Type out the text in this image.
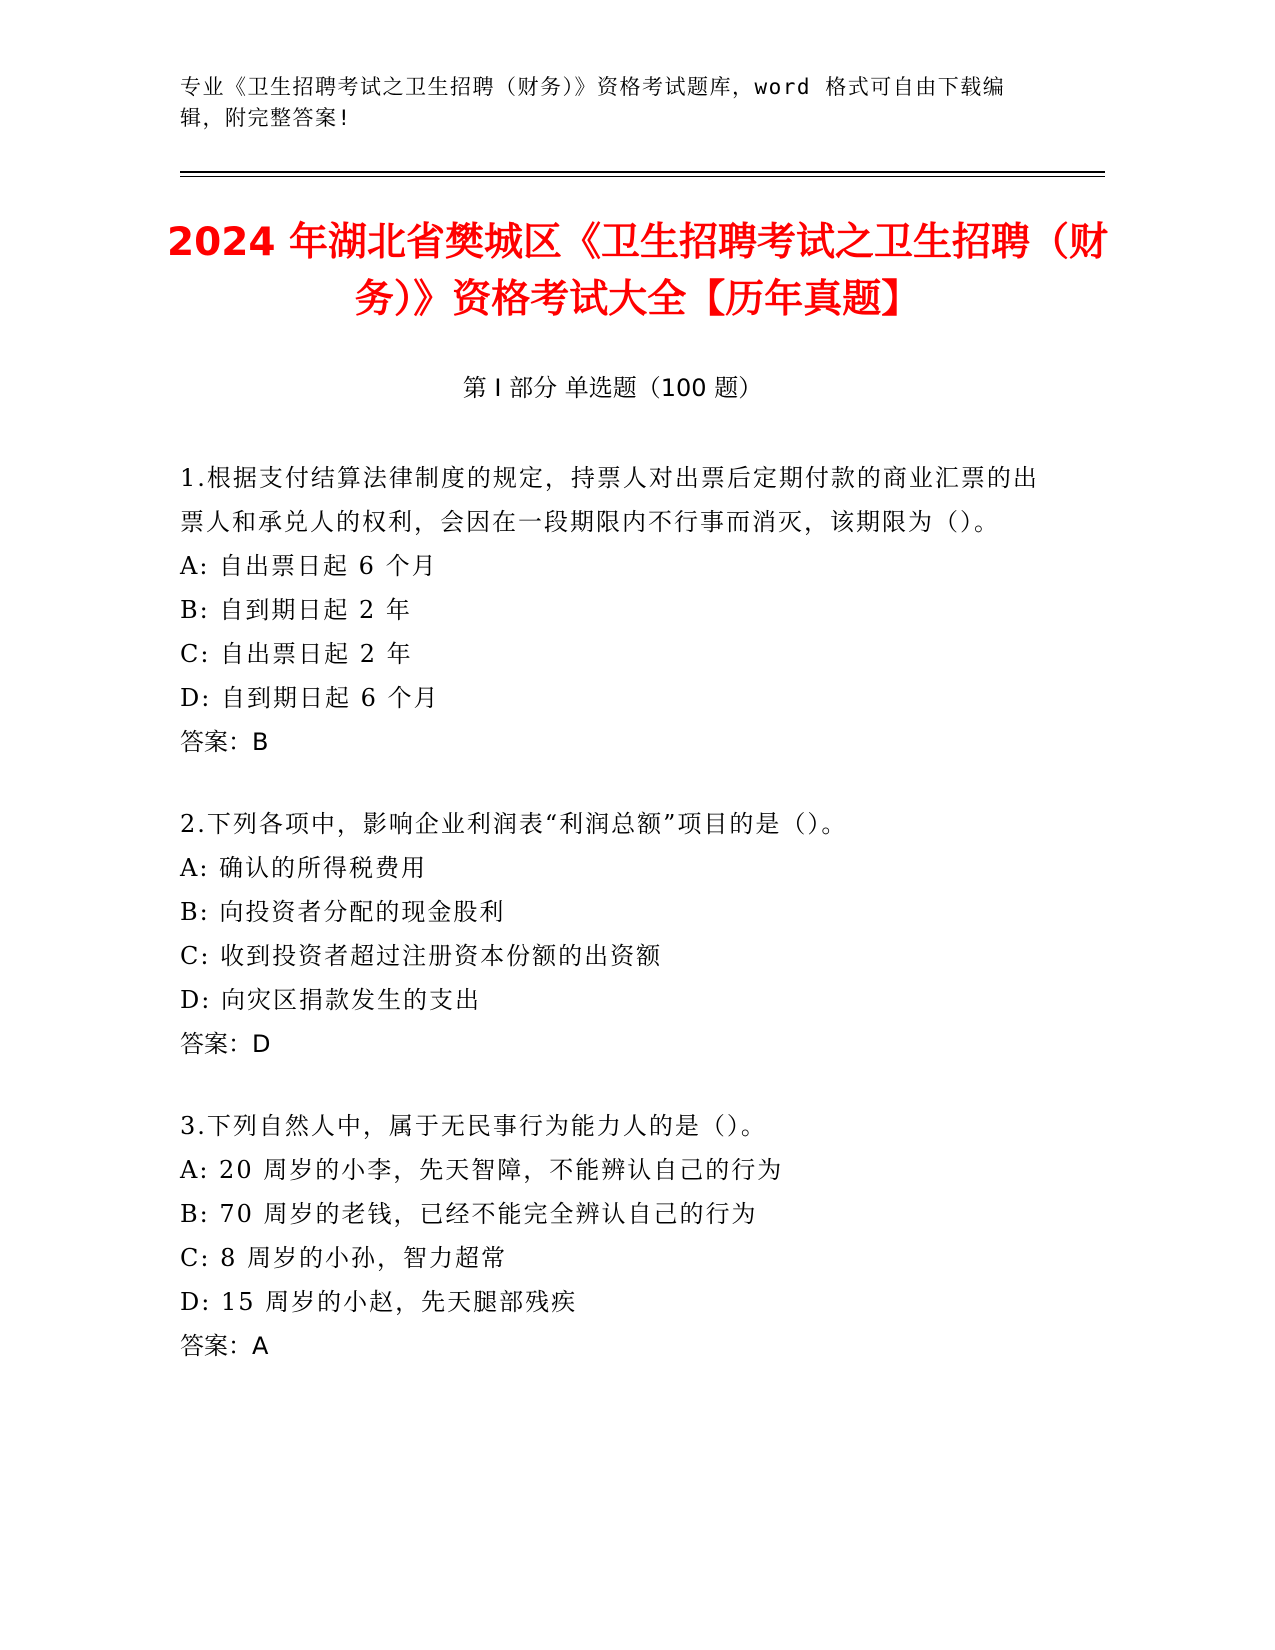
专业《卫生招聘考试之卫生招聘（财务）》资格考试题库，word 格式可自由下载编辑，附完整答案!
2024 年湖北省樊城区《卫生招聘考试之卫生招聘（财务）》资格考试大全【历年真题】
第 I 部分 单选题（100 题）
1.根据支付结算法律制度的规定，持票人对出票后定期付款的商业汇票的出票人和承兑人的权利，会因在一段期限内不行事而消灭，该期限为（）。
A: 自出票日起 6 个月
B: 自到期日起 2 年
C: 自出票日起 2 年
D: 自到期日起 6 个月
答案：B
2.下列各项中，影响企业利润表“利润总额”项目的是（）。
A: 确认的所得税费用
B: 向投资者分配的现金股利
C: 收到投资者超过注册资本份额的出资额
D: 向灾区捐款发生的支出
答案：D
3.下列自然人中，属于无民事行为能力人的是（）。
A: 20 周岁的小李，先天智障，不能辨认自己的行为
B: 70 周岁的老钱，已经不能完全辨认自己的行为
C: 8 周岁的小孙，智力超常
D: 15 周岁的小赵，先天腿部残疾
答案：A
